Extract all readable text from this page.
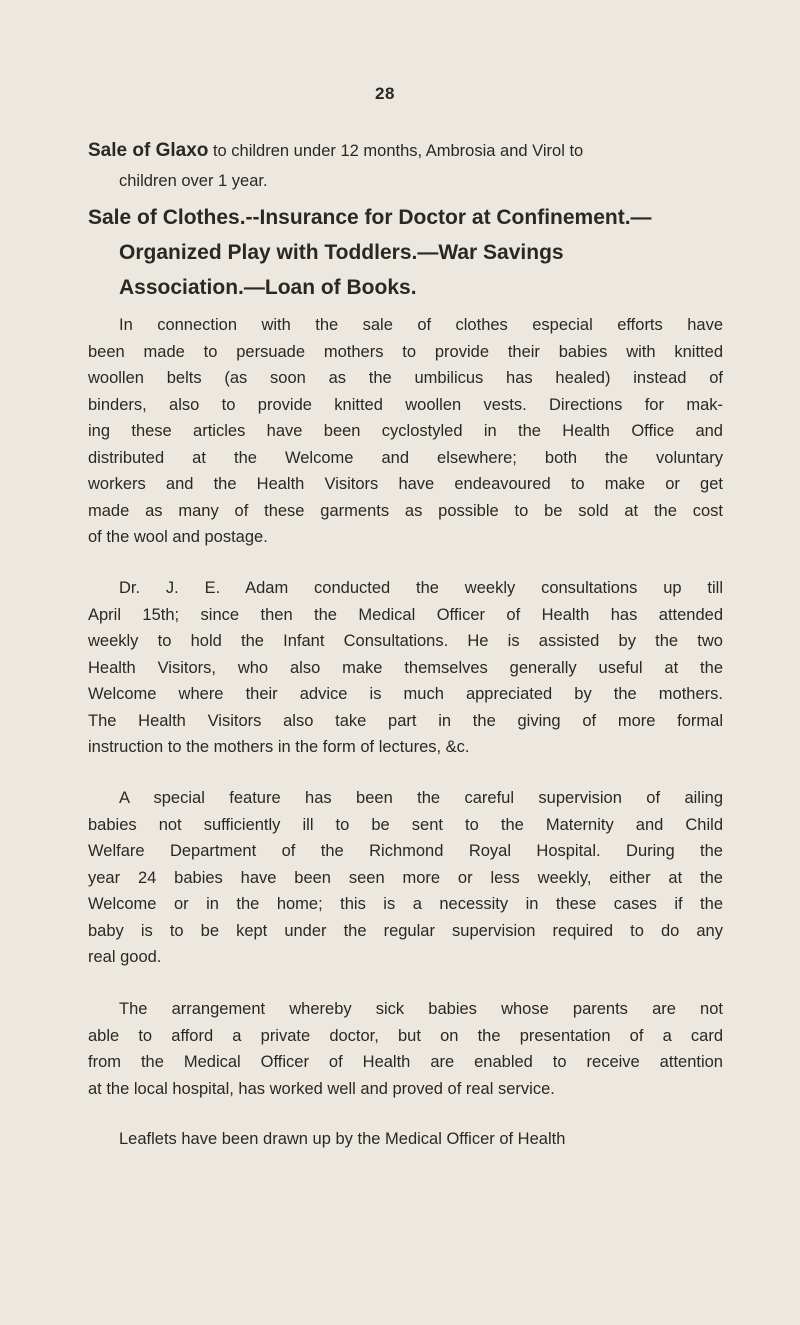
28
Sale of Glaxo to children under 12 months, Ambrosia and Virol to
children over 1 year.
Sale of Clothes.--Insurance for Doctor at Confinement.—
Organized Play with Toddlers.—War Savings
Association.—Loan of Books.

In connection with the sale of clothes especial efforts have
been made to persuade mothers to provide their babies with knitted
woollen belts (as soon as the umbilicus has healed) instead of
binders, also to provide knitted woollen vests. Directions for mak-
ing these articles have been cyclostyled in the Health Office and
distributed at the Welcome and elsewhere; both the voluntary
workers and the Health Visitors have endeavoured to make or get
made as many of these garments as possible to be sold at the cost
of the wool and postage.

Dr. J. E. Adam conducted the weekly consultations up till
April 15th; since then the Medical Officer of Health has attended
weekly to hold the Infant Consultations. He is assisted by the two
Health Visitors, who also make themselves generally useful at the
Welcome where their advice is much appreciated by the mothers.
The Health Visitors also take part in the giving of more formal
instruction to the mothers in the form of lectures, &c.

A special feature has been the careful supervision of ailing
babies not sufficiently ill to be sent to the Maternity and Child
Welfare Department of the Richmond Royal Hospital. During the
year 24 babies have been seen more or less weekly, either at the
Welcome or in the home; this is a necessity in these cases if the
baby is to be kept under the regular supervision required to do any
real good.

The arrangement whereby sick babies whose parents are not
able to afford a private doctor, but on the presentation of a card
from the Medical Officer of Health are enabled to receive attention
at the local hospital, has worked well and proved of real service.

Leaflets have been drawn up by the Medical Officer of Health
